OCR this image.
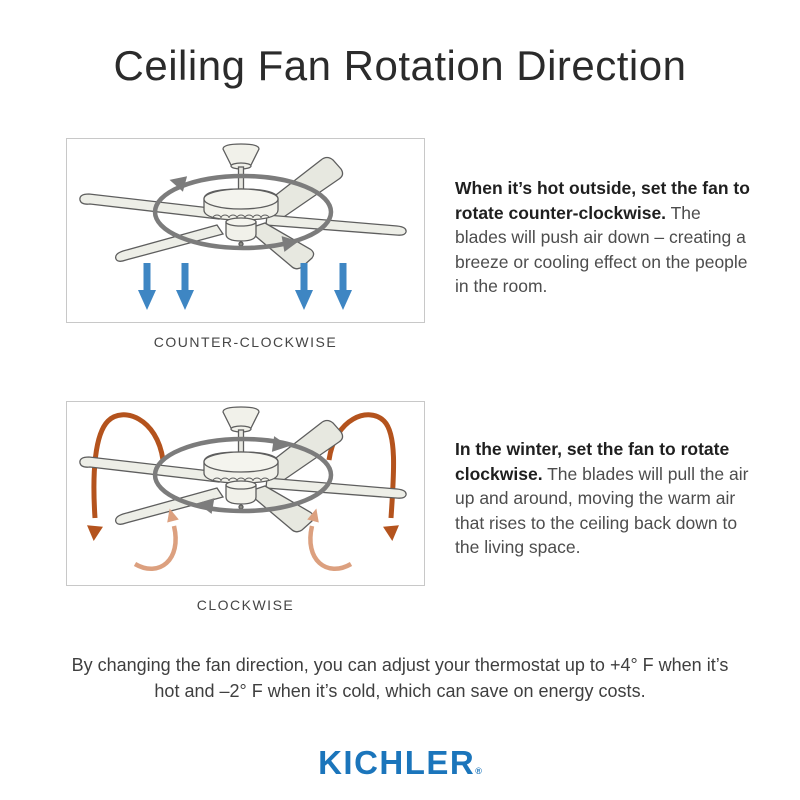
Ceiling Fan Rotation Direction
COUNTER-CLOCKWISE

When it’s hot outside, set the fan to rotate counter-clockwise. The blades will push air down – creating a breeze or cooling effect on the people in the room.

CLOCKWISE

In the winter, set the fan to rotate clockwise. The blades will pull the air up and around, moving the warm air that rises to the ceiling back down to the living space.

By changing the fan direction, you can adjust your thermostat up to +4° F when it’s hot and –2° F when it’s cold, which can save on energy costs.

KICHLER®
